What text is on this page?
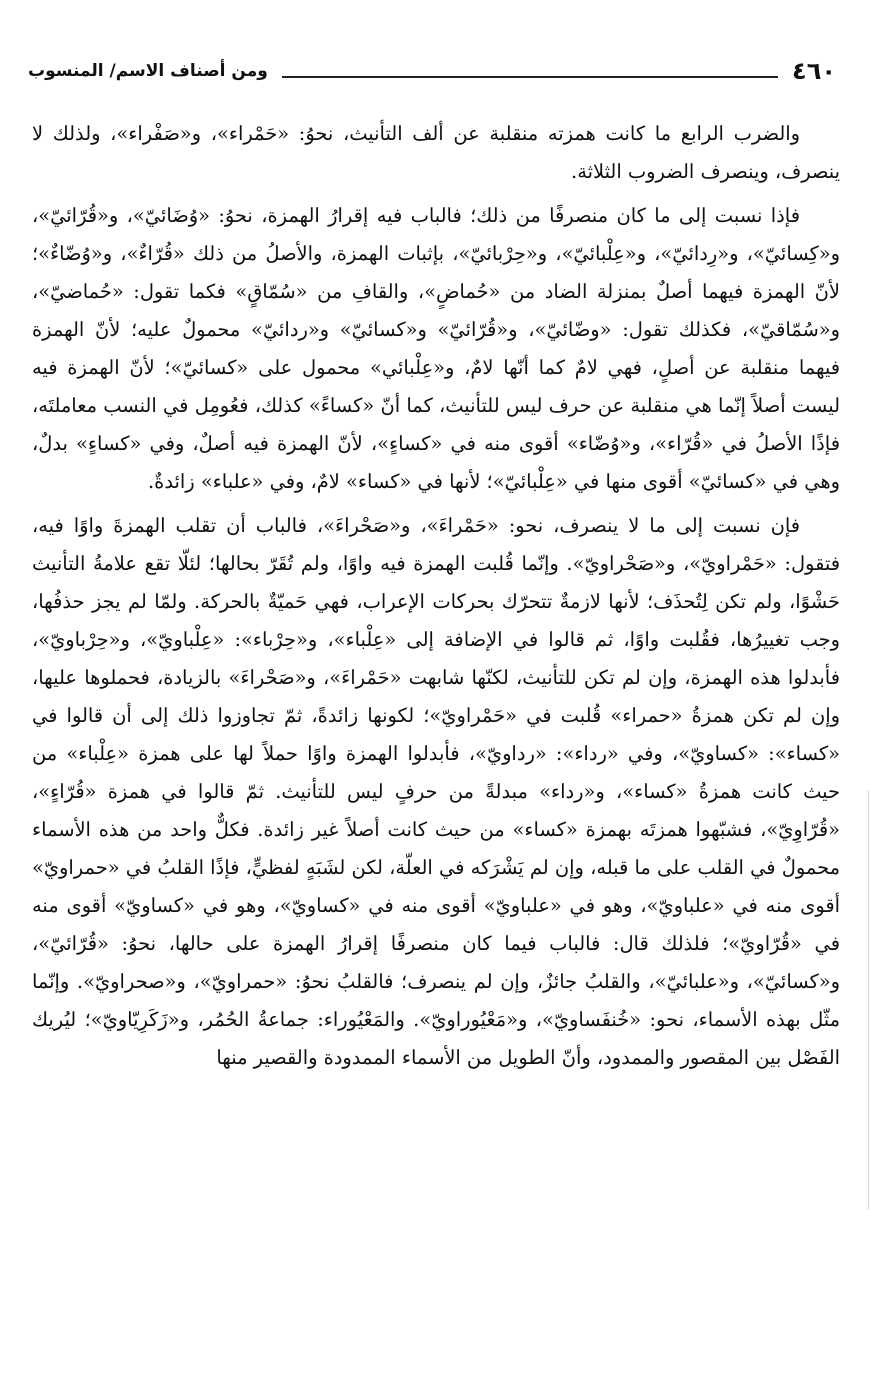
٤٦٠
ومن أصناف الاسم/ المنسوب

والضرب الرابع ما كانت همزته منقلبة عن ألف التأنيث، نحوُ: «حَمْراء»، و«صَفْراء»، ولذلك لا ينصرف، وينصرف الضروب الثلاثة.

فإذا نسبت إلى ما كان منصرفًا من ذلك؛ فالباب فيه إقرارُ الهمزة، نحوُ: «وُضَائيّ»، و«قُرّائيّ»، و«كِسائيّ»، و«رِدائيّ»، و«عِلْبائيّ»، و«حِرْبائيّ»، بإثبات الهمزة، والأصلُ من ذلك «قُرّاءٌ»، و«وُضّاءٌ»؛ لأنّ الهمزة فيهما أصلٌ بمنزلة الضاد من «حُماضٍ»، والقافِ من «سُمّاقٍ» فكما تقول: «حُماضيّ»، و«سُمّاقيّ»، فكذلك تقول: «وضّائيّ»، و«قُرّائيّ» و«كسائيّ» و«ردائيّ» محمولٌ عليه؛ لأنّ الهمزة فيهما منقلبة عن أصلٍ، فهي لامٌ كما أنّها لامٌ، و«عِلْبائي» محمول على «كسائيّ»؛ لأنّ الهمزة فيه ليست أصلاً إنّما هي منقلبة عن حرف ليس للتأنيث، كما أنّ «كساءً» كذلك، فعُومِل في النسب معاملتَه، فإذًا الأصلُ في «قُرّاء»، و«وُضّاء» أقوى منه في «كساءٍ»، لأنّ الهمزة فيه أصلٌ، وفي «كساءٍ» بدلٌ، وهي في «كسائيّ» أقوى منها في «عِلْبائيّ»؛ لأنها في «كساء» لامٌ، وفي «علباء» زائدةٌ.

فإن نسبت إلى ما لا ينصرف، نحو: «حَمْراءَ»، و«صَحْراءَ»، فالباب أن تقلب الهمزةَ واوًا فيه، فتقول: «حَمْراويّ»، و«صَحْراويّ». وإنّما قُلبت الهمزة فيه واوًا، ولم تُقَرّ بحالها؛ لئلّا تقع علامةُ التأنيث حَشْوًا، ولم تكن لِتُحذَف؛ لأنها لازمةٌ تتحرّك بحركات الإعراب، فهي حَميّةٌ بالحركة. ولمّا لم يجز حذفُها، وجب تغييرُها، فقُلبت واوًا، ثم قالوا في الإضافة إلى «عِلْباء»، و«حِرْباء»: «عِلْباويّ»، و«حِرْباويّ»، فأبدلوا هذه الهمزة، وإن لم تكن للتأنيث، لكنّها شابهت «حَمْراءَ»، و«صَحْراءَ» بالزيادة، فحملوها عليها، وإن لم تكن همزةُ «حمراء» قُلبت في «حَمْراويّ»؛ لكونها زائدةً، ثمّ تجاوزوا ذلك إلى أن قالوا في «كساء»: «كساويّ»، وفي «رداء»: «رداويّ»، فأبدلوا الهمزة واوًا حملاً لها على همزة «عِلْباء» من حيث كانت همزةُ «كساء»، و«رداء» مبدلةً من حرفٍ ليس للتأنيث. ثمّ قالوا في همزة «قُرّاءٍ»، «قُرّاوِيّ»، فشبّهوا همزتَه بهمزة «كساء» من حيث كانت أصلاً غير زائدة. فكلٌّ واحد من هذه الأسماء محمولٌ في القلب على ما قبله، وإن لم يَشْرَكه في العلّة، لكن لشَبَهٍ لفظيٍّ، فإذًا القلبُ في «حمراويّ» أقوى منه في «علباويّ»، وهو في «علباويّ» أقوى منه في «كساويّ»، وهو في «كساويّ» أقوى منه في «قُرّاويّ»؛ فلذلك قال: فالباب فيما كان منصرفًا إقرارُ الهمزة على حالها، نحوُ: «قُرّائيّ»، و«كسائيّ»، و«علبائيّ»، والقلبُ جائزٌ، وإن لم ينصرف؛ فالقلبُ نحوُ: «حمراويّ»، و«صحراويّ». وإنّما مثّل بهذه الأسماء، نحو: «خُنفَساويّ»، و«مَعْيُوراويّ». والمَعْيُوراء: جماعةُ الحُمُر، و«زَكَرِيّاويّ»؛ ليُريك الفَصْل بين المقصور والممدود، وأنّ الطويل من الأسماء الممدودة والقصير منها
